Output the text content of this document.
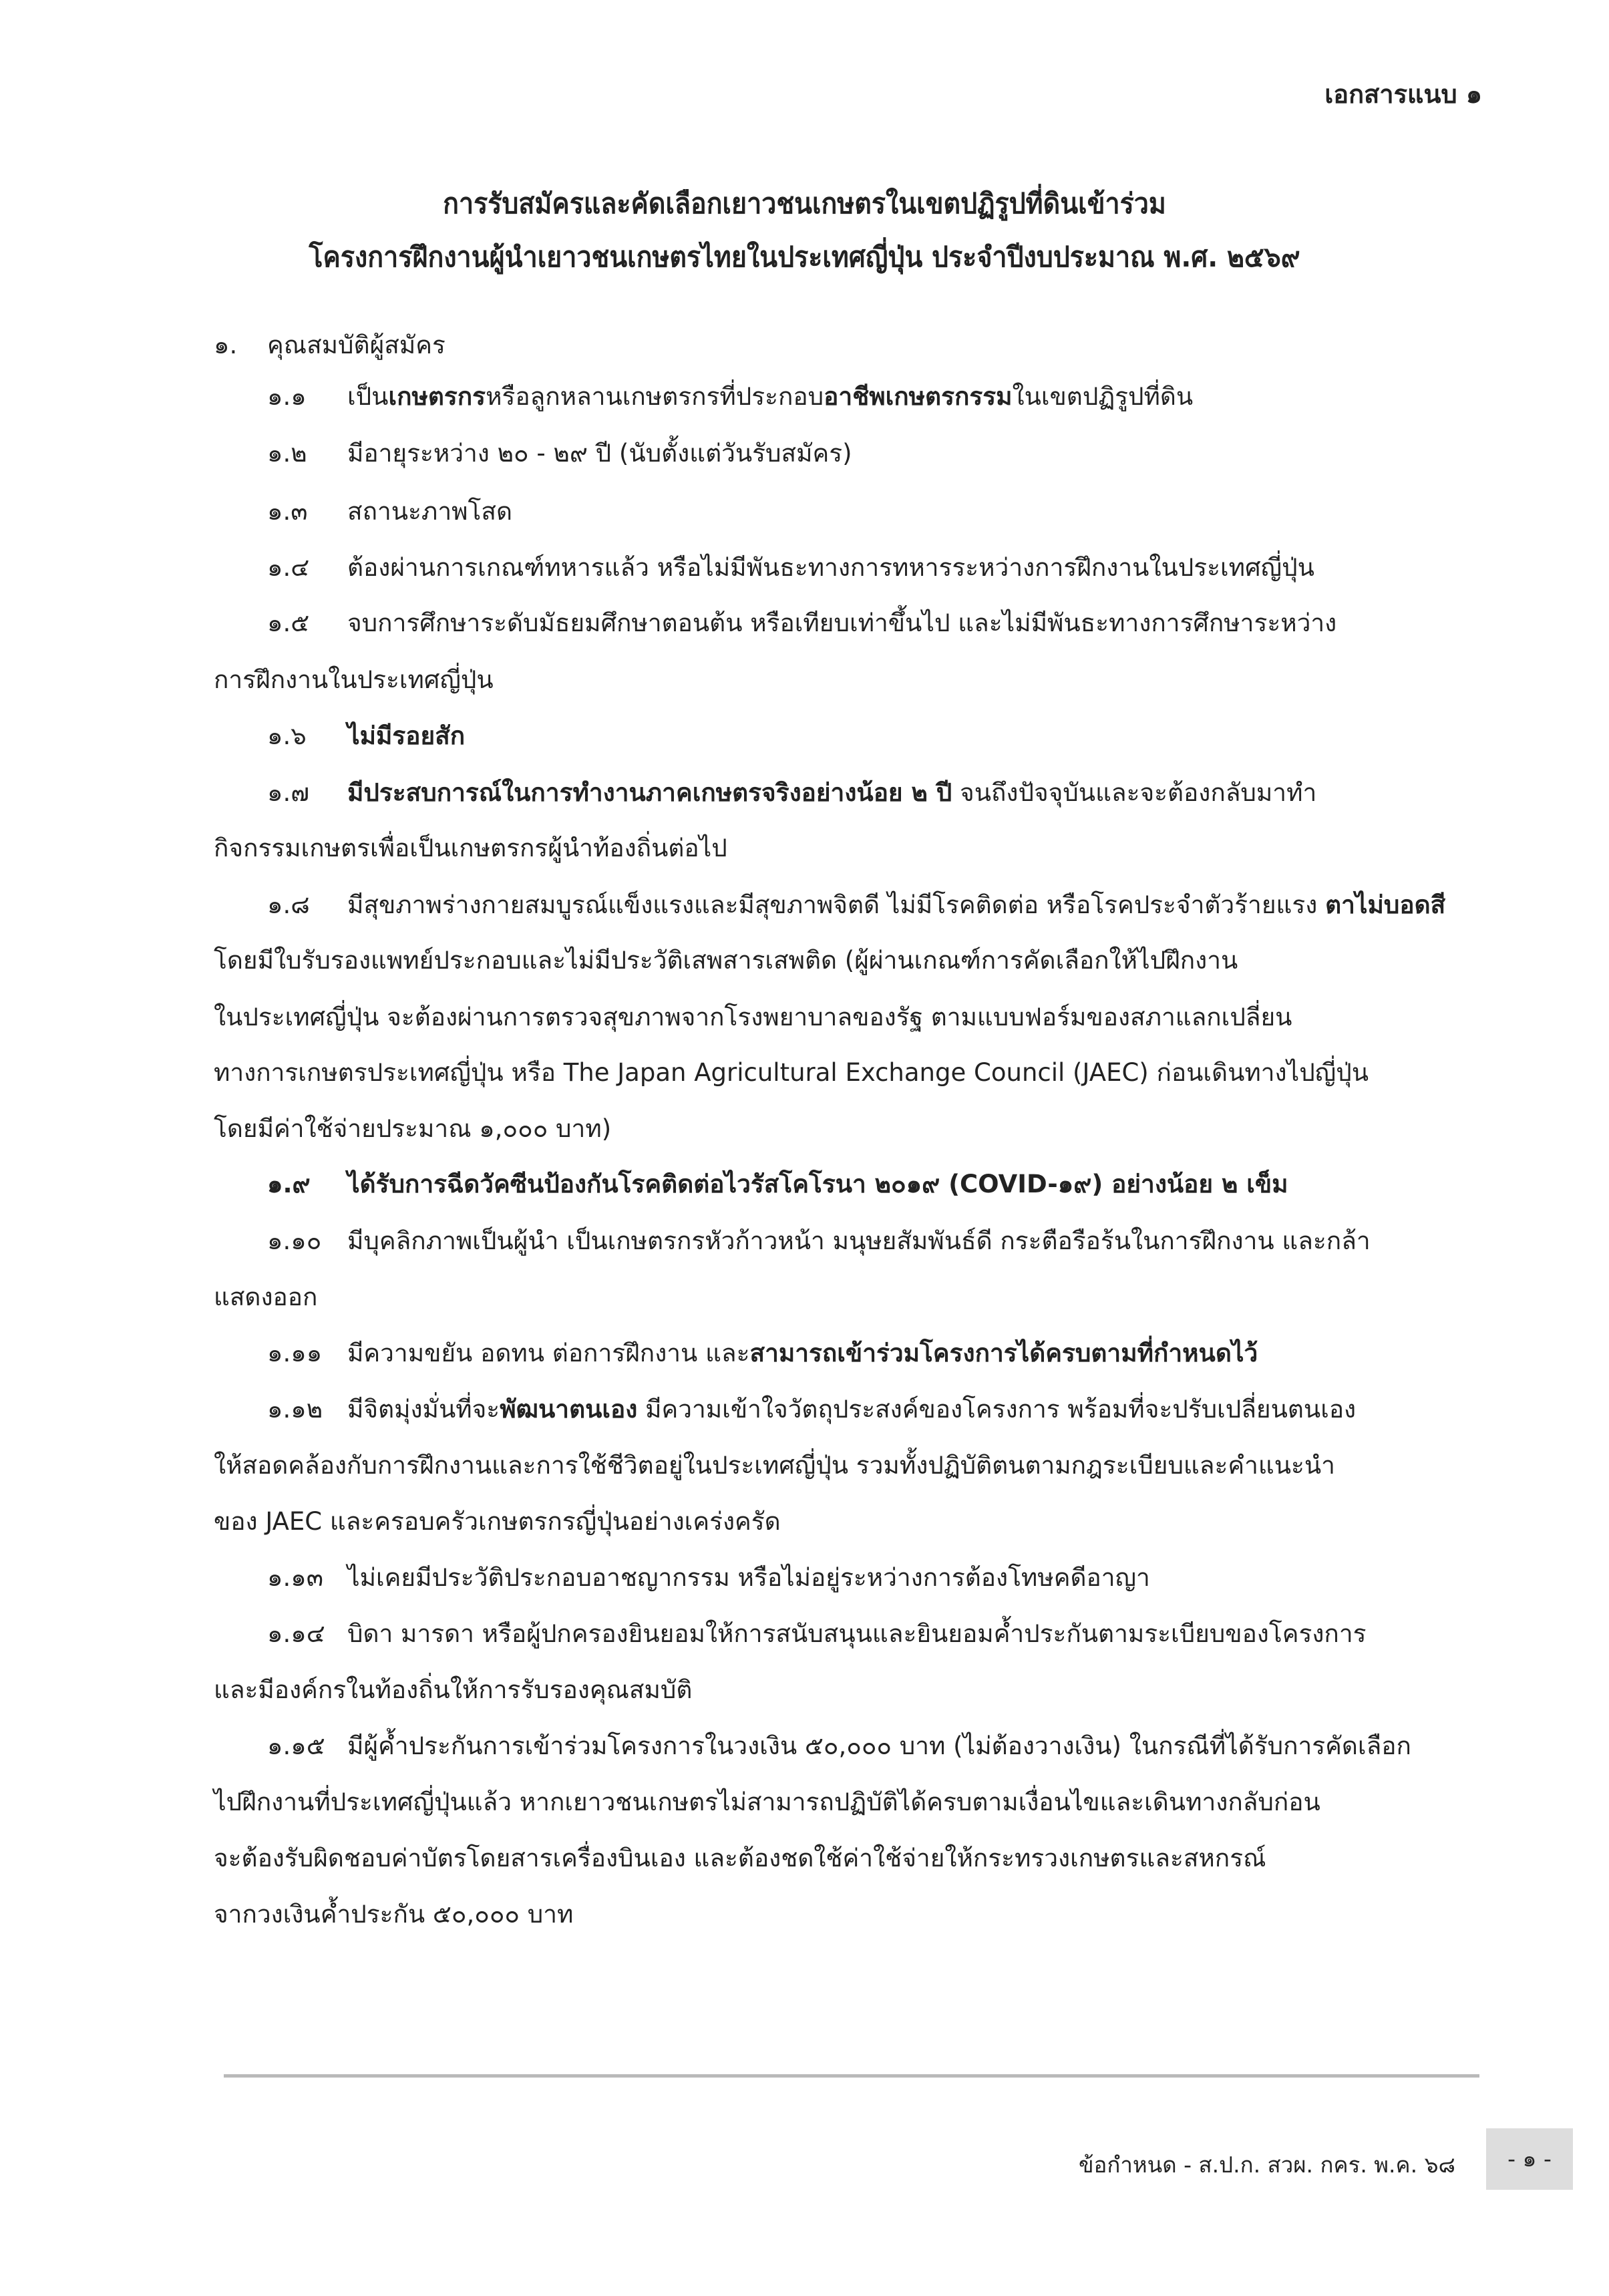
เอกสารแนบ ๑
การรับสมัครและคัดเลือกเยาวชนเกษตรในเขตปฏิรูปที่ดินเข้าร่วม
โครงการฝึกงานผู้นำเยาวชนเกษตรไทยในประเทศญี่ปุ่น ประจำปีงบประมาณ พ.ศ. ๒๕๖๙
๑. คุณสมบัติผู้สมัคร
๑.๑ เป็นเกษตรกรหรือลูกหลานเกษตรกรที่ประกอบอาชีพเกษตรกรรมในเขตปฏิรูปที่ดิน
๑.๒ มีอายุระหว่าง ๒๐ - ๒๙ ปี (นับตั้งแต่วันรับสมัคร)
๑.๓ สถานะภาพโสด
๑.๔ ต้องผ่านการเกณฑ์ทหารแล้ว หรือไม่มีพันธะทางการทหารระหว่างการฝึกงานในประเทศญี่ปุ่น
๑.๕ จบการศึกษาระดับมัธยมศึกษาตอนต้น หรือเทียบเท่าขึ้นไป และไม่มีพันธะทางการศึกษาระหว่าง
การฝึกงานในประเทศญี่ปุ่น
๑.๖ ไม่มีรอยสัก
๑.๗ มีประสบการณ์ในการทำงานภาคเกษตรจริงอย่างน้อย ๒ ปี จนถึงปัจจุบันและจะต้องกลับมาทำ
กิจกรรมเกษตรเพื่อเป็นเกษตรกรผู้นำท้องถิ่นต่อไป
๑.๘ มีสุขภาพร่างกายสมบูรณ์แข็งแรงและมีสุขภาพจิตดี ไม่มีโรคติดต่อ หรือโรคประจำตัวร้ายแรง ตาไม่บอดสี
โดยมีใบรับรองแพทย์ประกอบและไม่มีประวัติเสพสารเสพติด (ผู้ผ่านเกณฑ์การคัดเลือกให้ไปฝึกงาน
ในประเทศญี่ปุ่น จะต้องผ่านการตรวจสุขภาพจากโรงพยาบาลของรัฐ ตามแบบฟอร์มของสภาแลกเปลี่ยน
ทางการเกษตรประเทศญี่ปุ่น หรือ The Japan Agricultural Exchange Council (JAEC) ก่อนเดินทางไปญี่ปุ่น
โดยมีค่าใช้จ่ายประมาณ ๑,๐๐๐ บาท)
๑.๙ ได้รับการฉีดวัคซีนป้องกันโรคติดต่อไวรัสโคโรนา ๒๐๑๙ (COVID-๑๙) อย่างน้อย ๒ เข็ม
๑.๑๐ มีบุคลิกภาพเป็นผู้นำ เป็นเกษตรกรหัวก้าวหน้า มนุษยสัมพันธ์ดี กระตือรือร้นในการฝึกงาน และกล้า
แสดงออก
๑.๑๑ มีความขยัน อดทน ต่อการฝึกงาน และสามารถเข้าร่วมโครงการได้ครบตามที่กำหนดไว้
๑.๑๒ มีจิตมุ่งมั่นที่จะพัฒนาตนเอง มีความเข้าใจวัตถุประสงค์ของโครงการ พร้อมที่จะปรับเปลี่ยนตนเอง
ให้สอดคล้องกับการฝึกงานและการใช้ชีวิตอยู่ในประเทศญี่ปุ่น รวมทั้งปฏิบัติตนตามกฎระเบียบและคำแนะนำ
ของ JAEC และครอบครัวเกษตรกรญี่ปุ่นอย่างเคร่งครัด
๑.๑๓ ไม่เคยมีประวัติประกอบอาชญากรรม หรือไม่อยู่ระหว่างการต้องโทษคดีอาญา
๑.๑๔ บิดา มารดา หรือผู้ปกครองยินยอมให้การสนับสนุนและยินยอมค้ำประกันตามระเบียบของโครงการ
และมีองค์กรในท้องถิ่นให้การรับรองคุณสมบัติ
๑.๑๕ มีผู้ค้ำประกันการเข้าร่วมโครงการในวงเงิน ๕๐,๐๐๐ บาท (ไม่ต้องวางเงิน) ในกรณีที่ได้รับการคัดเลือก
ไปฝึกงานที่ประเทศญี่ปุ่นแล้ว หากเยาวชนเกษตรไม่สามารถปฏิบัติได้ครบตามเงื่อนไขและเดินทางกลับก่อน
จะต้องรับผิดชอบค่าบัตรโดยสารเครื่องบินเอง และต้องชดใช้ค่าใช้จ่ายให้กระทรวงเกษตรและสหกรณ์
จากวงเงินค้ำประกัน ๕๐,๐๐๐ บาท
ข้อกำหนด - ส.ป.ก. สวผ. กคร. พ.ค. ๖๘	- ๑ -
